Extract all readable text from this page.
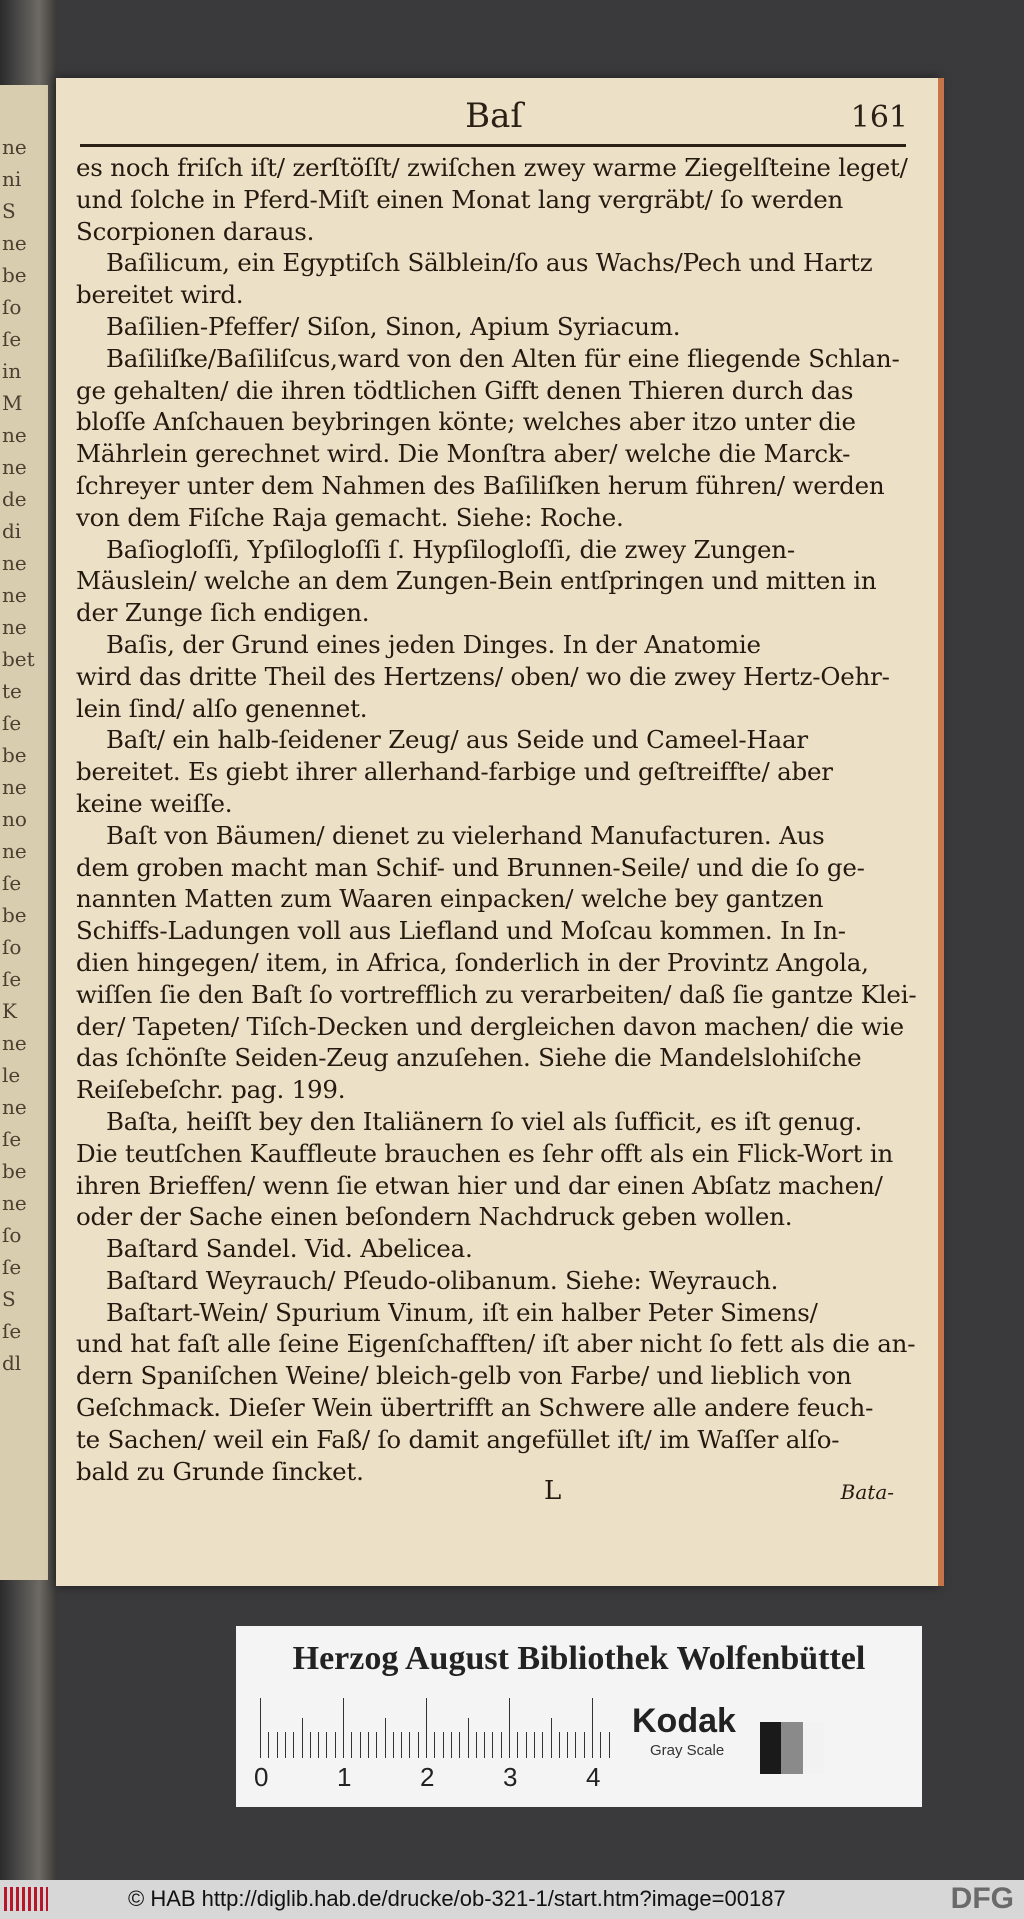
ne
ni
S
ne
be
ſo
ſe
in
M
ne
ne
de
di
ne
ne
ne
bet
te
ſe
be
ne
no
ne
ſe
be
ſo
ſe
K
ne
le
ne
ſe
be
ne
ſo
ſe
S
ſe
dl
Baſ	161
es noch friſch iſt/ zerſtöſſt/ zwiſchen zwey warme Ziegelſteine leget/
und ſolche in Pferd-Miſt einen Monat lang vergräbt/ ſo werden
Scorpionen daraus.
Baſilicum, ein Egyptiſch Sälblein/ſo aus Wachs/Pech und Hartz
bereitet wird.
Baſilien-Pfeffer/ Siſon, Sinon, Apium Syriacum.
Baſiliſke/Baſiliſcus,ward von den Alten für eine fliegende Schlan-
ge gehalten/ die ihren tödtlichen Gifft denen Thieren durch das
bloſſe Anſchauen beybringen könte; welches aber itzo unter die
Mährlein gerechnet wird. Die Monſtra aber/ welche die Marck-
ſchreyer unter dem Nahmen des Baſiliſken herum führen/ werden
von dem Fiſche Raja gemacht. Siehe: Roche.
Baſiogloſſi, Ypſilogloſſi ſ. Hypſilogloſſi, die zwey Zungen-
Mäuslein/ welche an dem Zungen-Bein entſpringen und mitten in
der Zunge ſich endigen.
Baſis, der Grund eines jeden Dinges. In der Anatomie
wird das dritte Theil des Hertzens/ oben/ wo die zwey Hertz-Oehr-
lein ſind/ alſo genennet.
Baſt/ ein halb-ſeidener Zeug/ aus Seide und Cameel-Haar
bereitet. Es giebt ihrer allerhand-farbige und geſtreiffte/ aber
keine weiſſe.
Baſt von Bäumen/ dienet zu vielerhand Manufacturen. Aus
dem groben macht man Schif- und Brunnen-Seile/ und die ſo ge-
nannten Matten zum Waaren einpacken/ welche bey gantzen
Schiffs-Ladungen voll aus Liefland und Moſcau kommen. In In-
dien hingegen/ item, in Africa, ſonderlich in der Provintz Angola,
wiſſen ſie den Baſt ſo vortrefflich zu verarbeiten/ daß ſie gantze Klei-
der/ Tapeten/ Tiſch-Decken und dergleichen davon machen/ die wie
das ſchönſte Seiden-Zeug anzuſehen. Siehe die Mandelslohiſche
Reiſebeſchr. pag. 199.
Baſta, heiſſt bey den Italiänern ſo viel als ſufficit, es iſt genug.
Die teutſchen Kauffleute brauchen es ſehr offt als ein Flick-Wort in
ihren Brieffen/ wenn ſie etwan hier und dar einen Abſatz machen/
oder der Sache einen beſondern Nachdruck geben wollen.
Baſtard Sandel. Vid. Abelicea.
Baſtard Weyrauch/ Pſeudo-olibanum. Siehe: Weyrauch.
Baſtart-Wein/ Spurium Vinum, iſt ein halber Peter Simens/
und hat faſt alle ſeine Eigenſchafften/ iſt aber nicht ſo fett als die an-
dern Spaniſchen Weine/ bleich-gelb von Farbe/ und lieblich von
Geſchmack. Dieſer Wein übertrifft an Schwere alle andere feuch-
te Sachen/ weil ein Faß/ ſo damit angefüllet iſt/ im Waſſer alſo-
bald zu Grunde ſincket.
L	Bata-
Herzog August Bibliothek Wolfenbüttel
0	1	2	3	4
Kodak
Gray Scale
© HAB http://diglib.hab.de/drucke/ob-321-1/start.htm?image=00187	DFG
